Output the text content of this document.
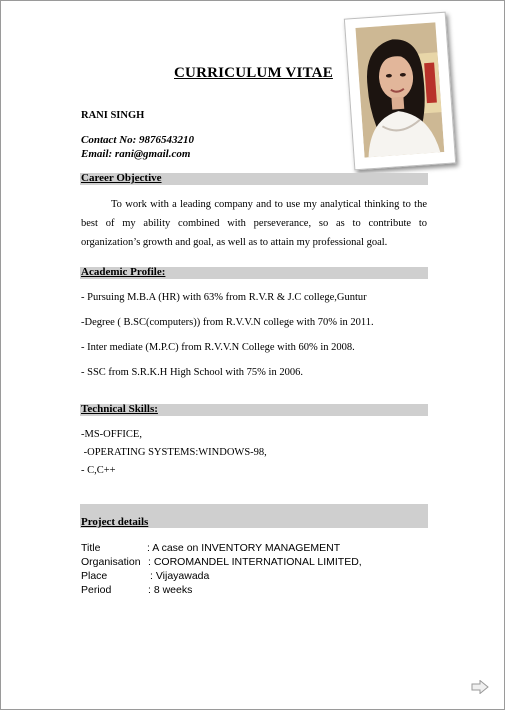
CURRICULUM VITAE
RANI SINGH
Contact No: 9876543210
Email: rani@gmail.com
Career Objective
To work with a leading company and to use my analytical thinking to the best of my ability combined with perseverance, so as to contribute to organization’s growth and goal, as well as to attain my professional goal.
Academic Profile:
- Pursuing M.B.A (HR) with 63% from R.V.R & J.C college,Guntur
-Degree ( B.SC(computers)) from R.V.V.N college with 70% in 2011.
- Inter mediate (M.P.C) from R.V.V.N College with 60% in 2008.
- SSC from S.R.K.H High School with 75% in 2006.
Technical Skills:
-MS-OFFICE,
-OPERATING SYSTEMS:WINDOWS-98,
- C,C++
Project details
Title	: A case on INVENTORY MANAGEMENT
Organisation : COROMANDEL INTERNATIONAL LIMITED,
Place	: Vijayawada
Period	: 8 weeks
